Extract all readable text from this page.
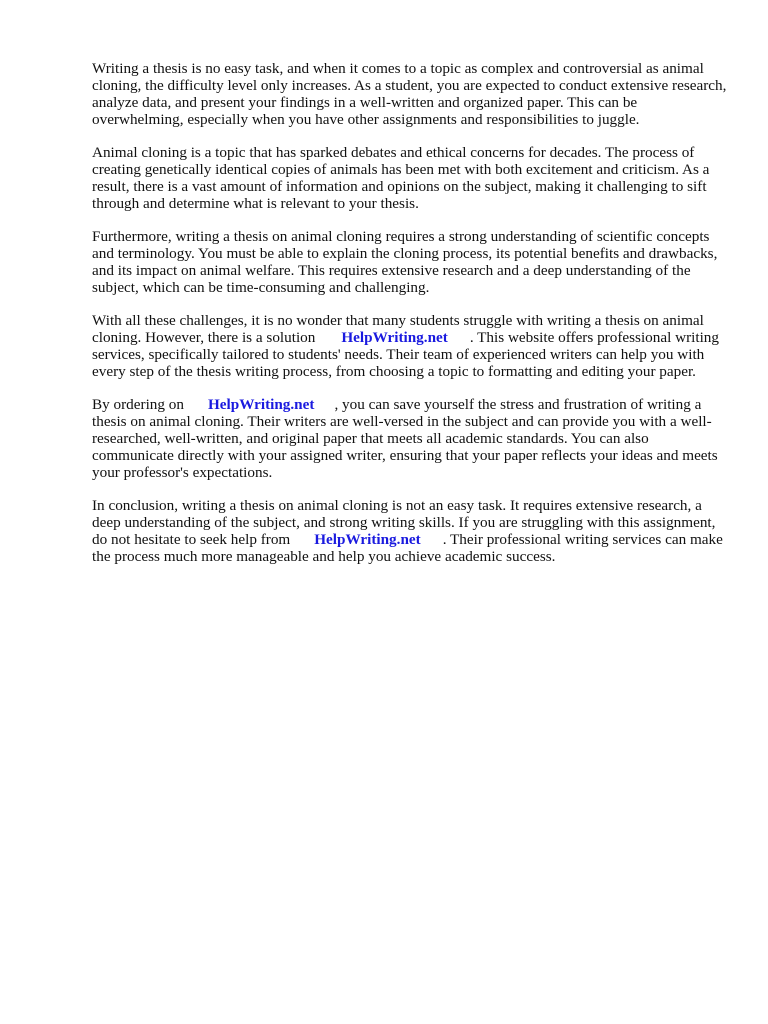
Writing a thesis is no easy task, and when it comes to a topic as complex and controversial as animal cloning, the difficulty level only increases. As a student, you are expected to conduct extensive research, analyze data, and present your findings in a well-written and organized paper. This can be overwhelming, especially when you have other assignments and responsibilities to juggle.

Animal cloning is a topic that has sparked debates and ethical concerns for decades. The process of creating genetically identical copies of animals has been met with both excitement and criticism. As a result, there is a vast amount of information and opinions on the subject, making it challenging to sift through and determine what is relevant to your thesis.

Furthermore, writing a thesis on animal cloning requires a strong understanding of scientific concepts and terminology. You must be able to explain the cloning process, its potential benefits and drawbacks, and its impact on animal welfare. This requires extensive research and a deep understanding of the subject, which can be time-consuming and challenging.

With all these challenges, it is no wonder that many students struggle with writing a thesis on animal cloning. However, there is a solution HelpWriting.net . This website offers professional writing services, specifically tailored to students' needs. Their team of experienced writers can help you with every step of the thesis writing process, from choosing a topic to formatting and editing your paper.

By ordering on HelpWriting.net , you can save yourself the stress and frustration of writing a thesis on animal cloning. Their writers are well-versed in the subject and can provide you with a well-researched, well-written, and original paper that meets all academic standards. You can also communicate directly with your assigned writer, ensuring that your paper reflects your ideas and meets your professor's expectations.

In conclusion, writing a thesis on animal cloning is not an easy task. It requires extensive research, a deep understanding of the subject, and strong writing skills. If you are struggling with this assignment, do not hesitate to seek help from HelpWriting.net . Their professional writing services can make the process much more manageable and help you achieve academic success.
